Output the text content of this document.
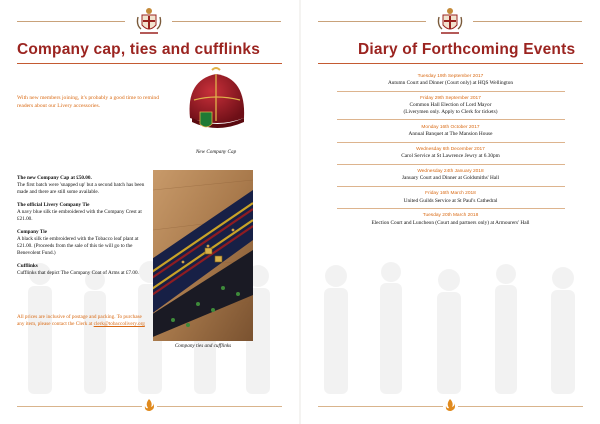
Company cap, ties and cufflinks
With new members joining, it's probably a good time to remind readers about our Livery accessories.
New Company Cap
The new Company Cap at £50.00.
The first batch were 'snapped up' but a second batch has been made and there are still some available.
The official Livery Company Tie
A navy blue silk tie embroidered with the Company Crest at £21.00.
Company Tie
A black silk tie embroidered with the Tobacco leaf plant at £21.00. (Proceeds from the sale of this tie will go to the Benevolent Fund.)
Cufflinks
Cufflinks that depict The Company Coat of Arms at £7.00.
All prices are inclusive of postage and packing. To purchase any item, please contact the Clerk at clerk@tobaccolivery.org
Company ties and cufflinks
Diary of Forthcoming Events
Tuesday 19th September 2017
Autumn Court and Dinner (Court only) at HQS Wellington
Friday 29th September 2017
Common Hall Election of Lord Mayor
(Liverymen only. Apply to Clerk for tickets)
Monday 16th October 2017
Annual Banquet at The Mansion House
Wednesday 6th December 2017
Carol Service at St Lawrence Jewry at 6.30pm
Wednesday 24th January 2018
January Court and Dinner at Goldsmiths' Hall
Friday 16th March 2018
United Guilds Service at St Paul's Cathedral
Tuesday 20th March 2018
Election Court and Luncheon (Court and partners only) at Armourers' Hall
